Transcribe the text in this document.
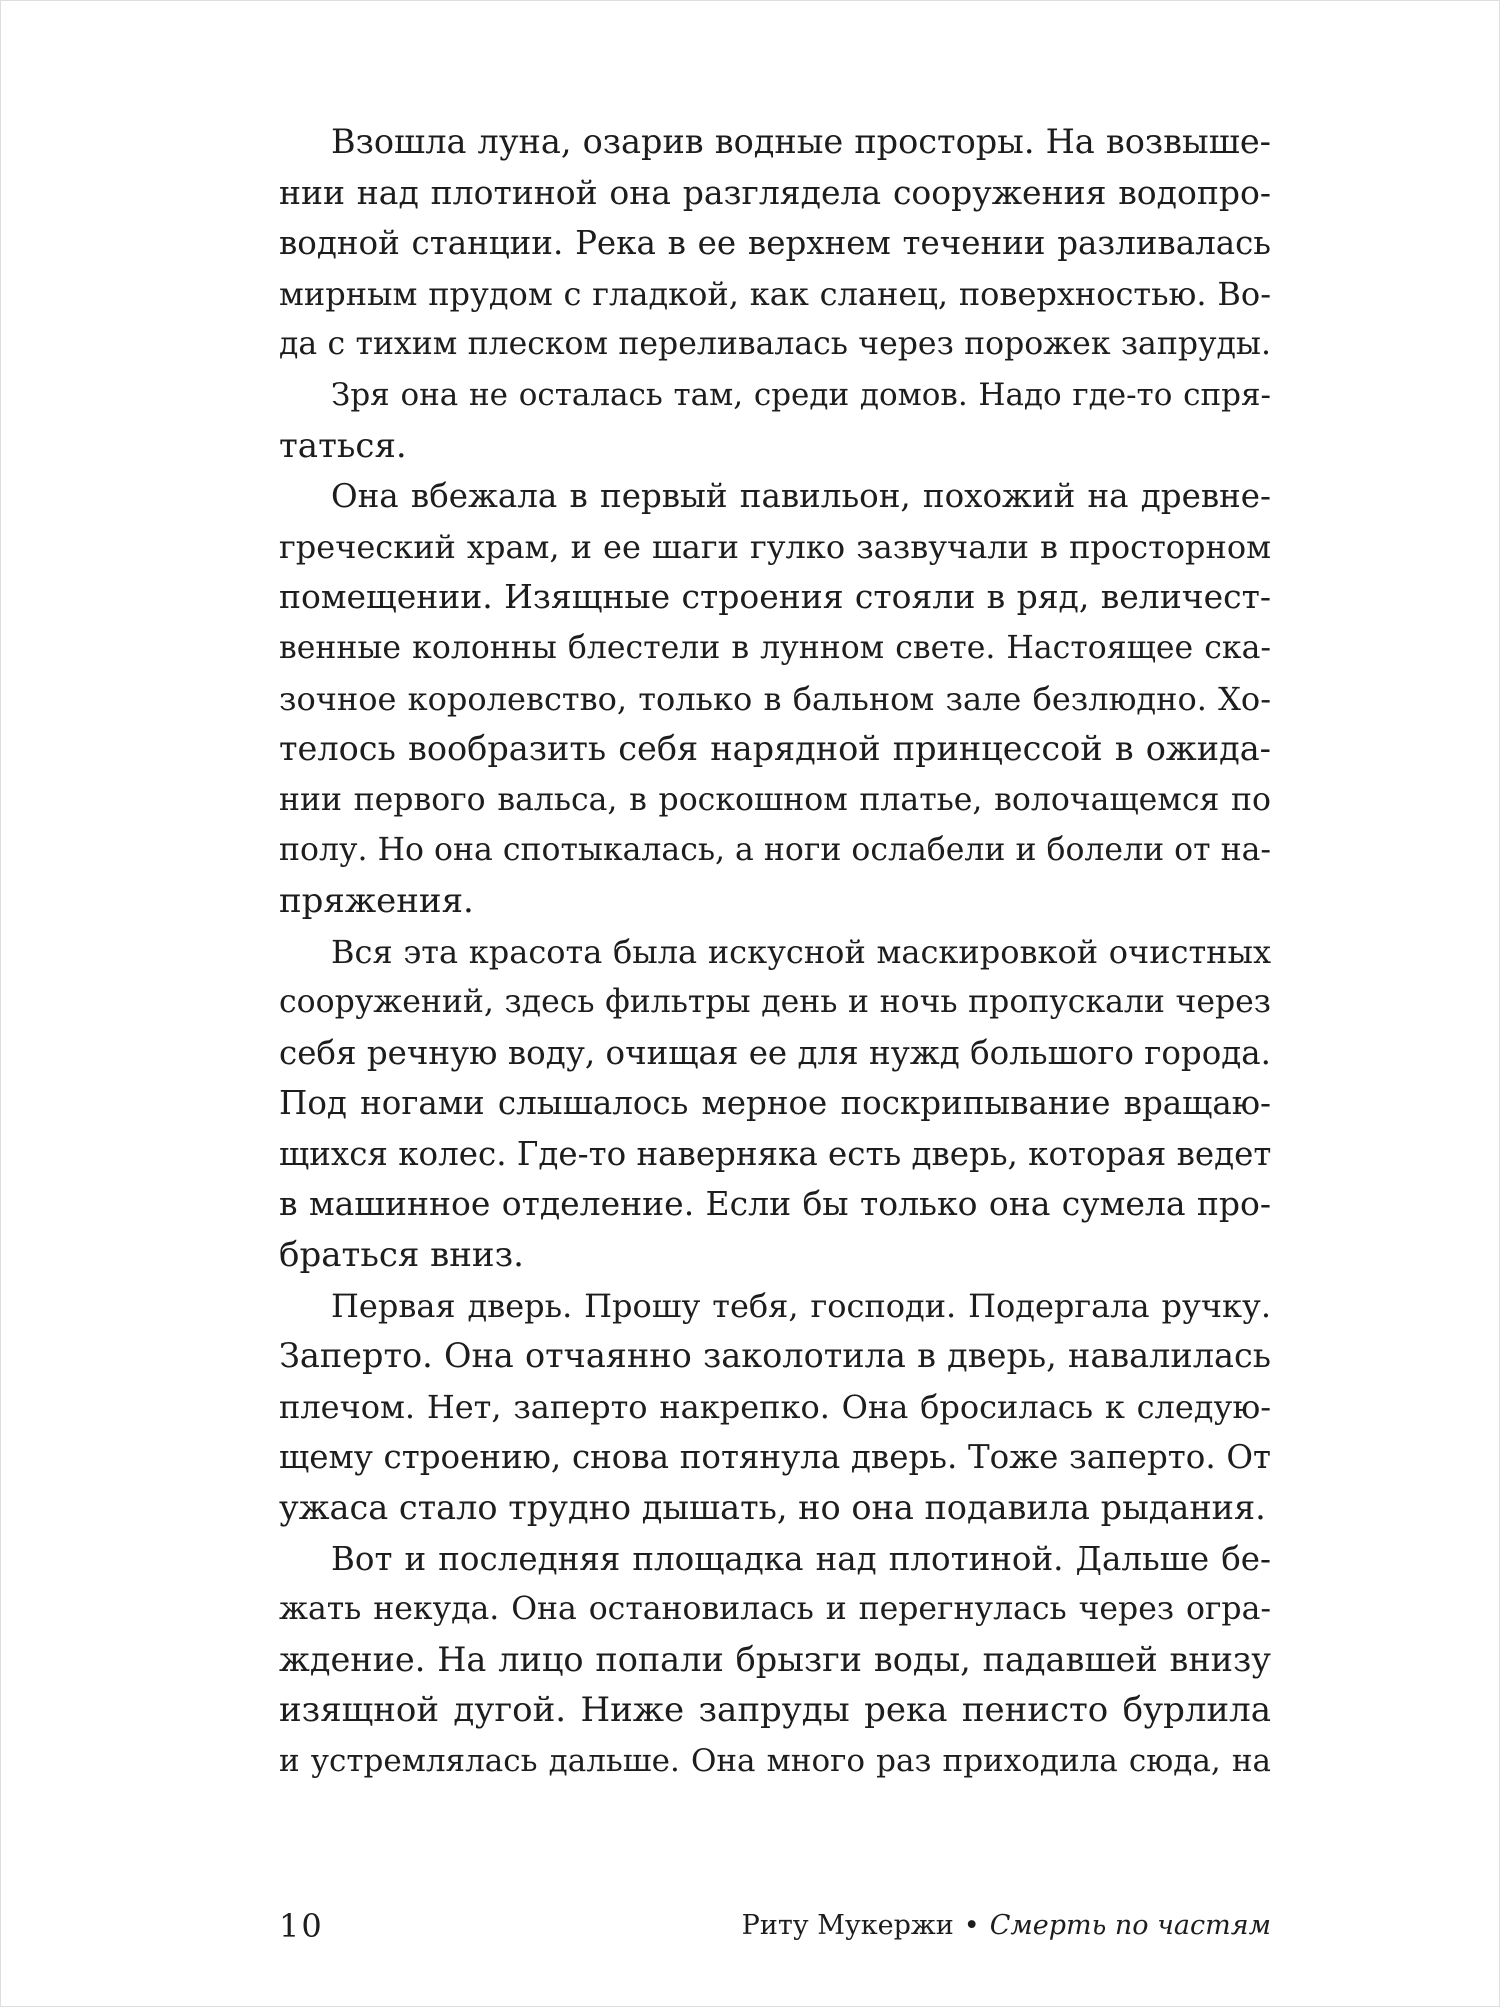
Взошла луна, озарив водные просторы. На возвыше-
нии над плотиной она разглядела сооружения водопро-
водной станции. Река в ее верхнем течении разливалась
мирным прудом с гладкой, как сланец, поверхностью. Во-
да с тихим плеском переливалась через порожек запруды.
Зря она не осталась там, среди домов. Надо где-то спря-
таться.
Она вбежала в первый павильон, похожий на древне-
греческий храм, и ее шаги гулко зазвучали в просторном
помещении. Изящные строения стояли в ряд, величест-
венные колонны блестели в лунном свете. Настоящее ска-
зочное королевство, только в бальном зале безлюдно. Хо-
телось вообразить себя нарядной принцессой в ожида-
нии первого вальса, в роскошном платье, волочащемся по
полу. Но она спотыкалась, а ноги ослабели и болели от на-
пряжения.
Вся эта красота была искусной маскировкой очистных
сооружений, здесь фильтры день и ночь пропускали через
себя речную воду, очищая ее для нужд большого города.
Под ногами слышалось мерное поскрипывание вращаю-
щихся колес. Где-то наверняка есть дверь, которая ведет
в машинное отделение. Если бы только она сумела про-
браться вниз.
Первая дверь. Прошу тебя, господи. Подергала ручку.
Заперто. Она отчаянно заколотила в дверь, навалилась
плечом. Нет, заперто накрепко. Она бросилась к следую-
щему строению, снова потянула дверь. Тоже заперто. От
ужаса стало трудно дышать, но она подавила рыдания.
Вот и последняя площадка над плотиной. Дальше бе-
жать некуда. Она остановилась и перегнулась через огра-
ждение. На лицо попали брызги воды, падавшей внизу
изящной дугой. Ниже запруды река пенисто бурлила
и устремлялась дальше. Она много раз приходила сюда, на
10	Риту Мукержи • Смерть по частям
